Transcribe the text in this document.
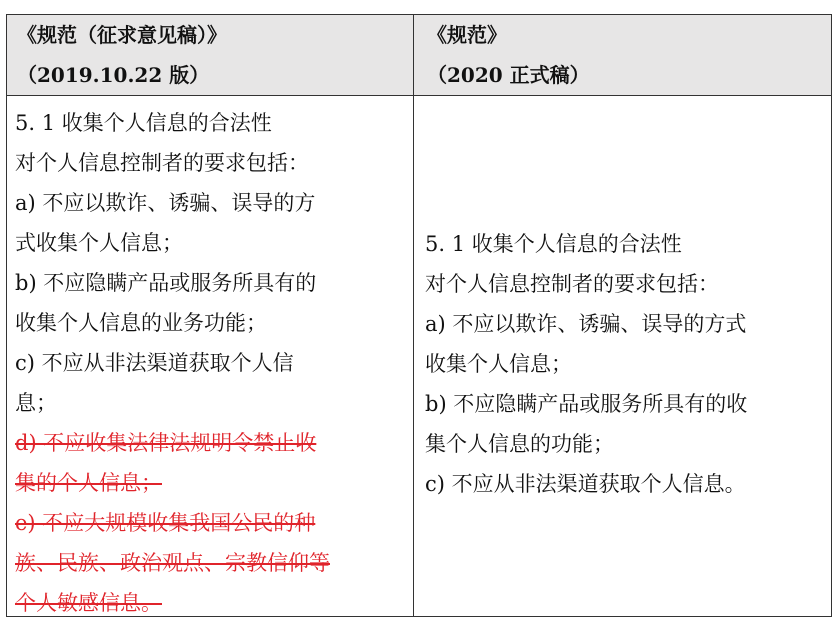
《规范（征求意见稿）》
（2019.10.22 版）
《规范》
（2020 正式稿）
5. 1 收集个人信息的合法性
对个人信息控制者的要求包括：
a) 不应以欺诈、诱骗、误导的方
式收集个人信息；
b) 不应隐瞒产品或服务所具有的
收集个人信息的业务功能；
c) 不应从非法渠道获取个人信
息；
d) 不应收集法律法规明令禁止收
集的个人信息；
e) 不应大规模收集我国公民的种
族、民族、政治观点、宗教信仰等
个人敏感信息。
5. 1 收集个人信息的合法性
对个人信息控制者的要求包括：
a) 不应以欺诈、诱骗、误导的方式
收集个人信息；
b) 不应隐瞒产品或服务所具有的收
集个人信息的功能；
c) 不应从非法渠道获取个人信息。
